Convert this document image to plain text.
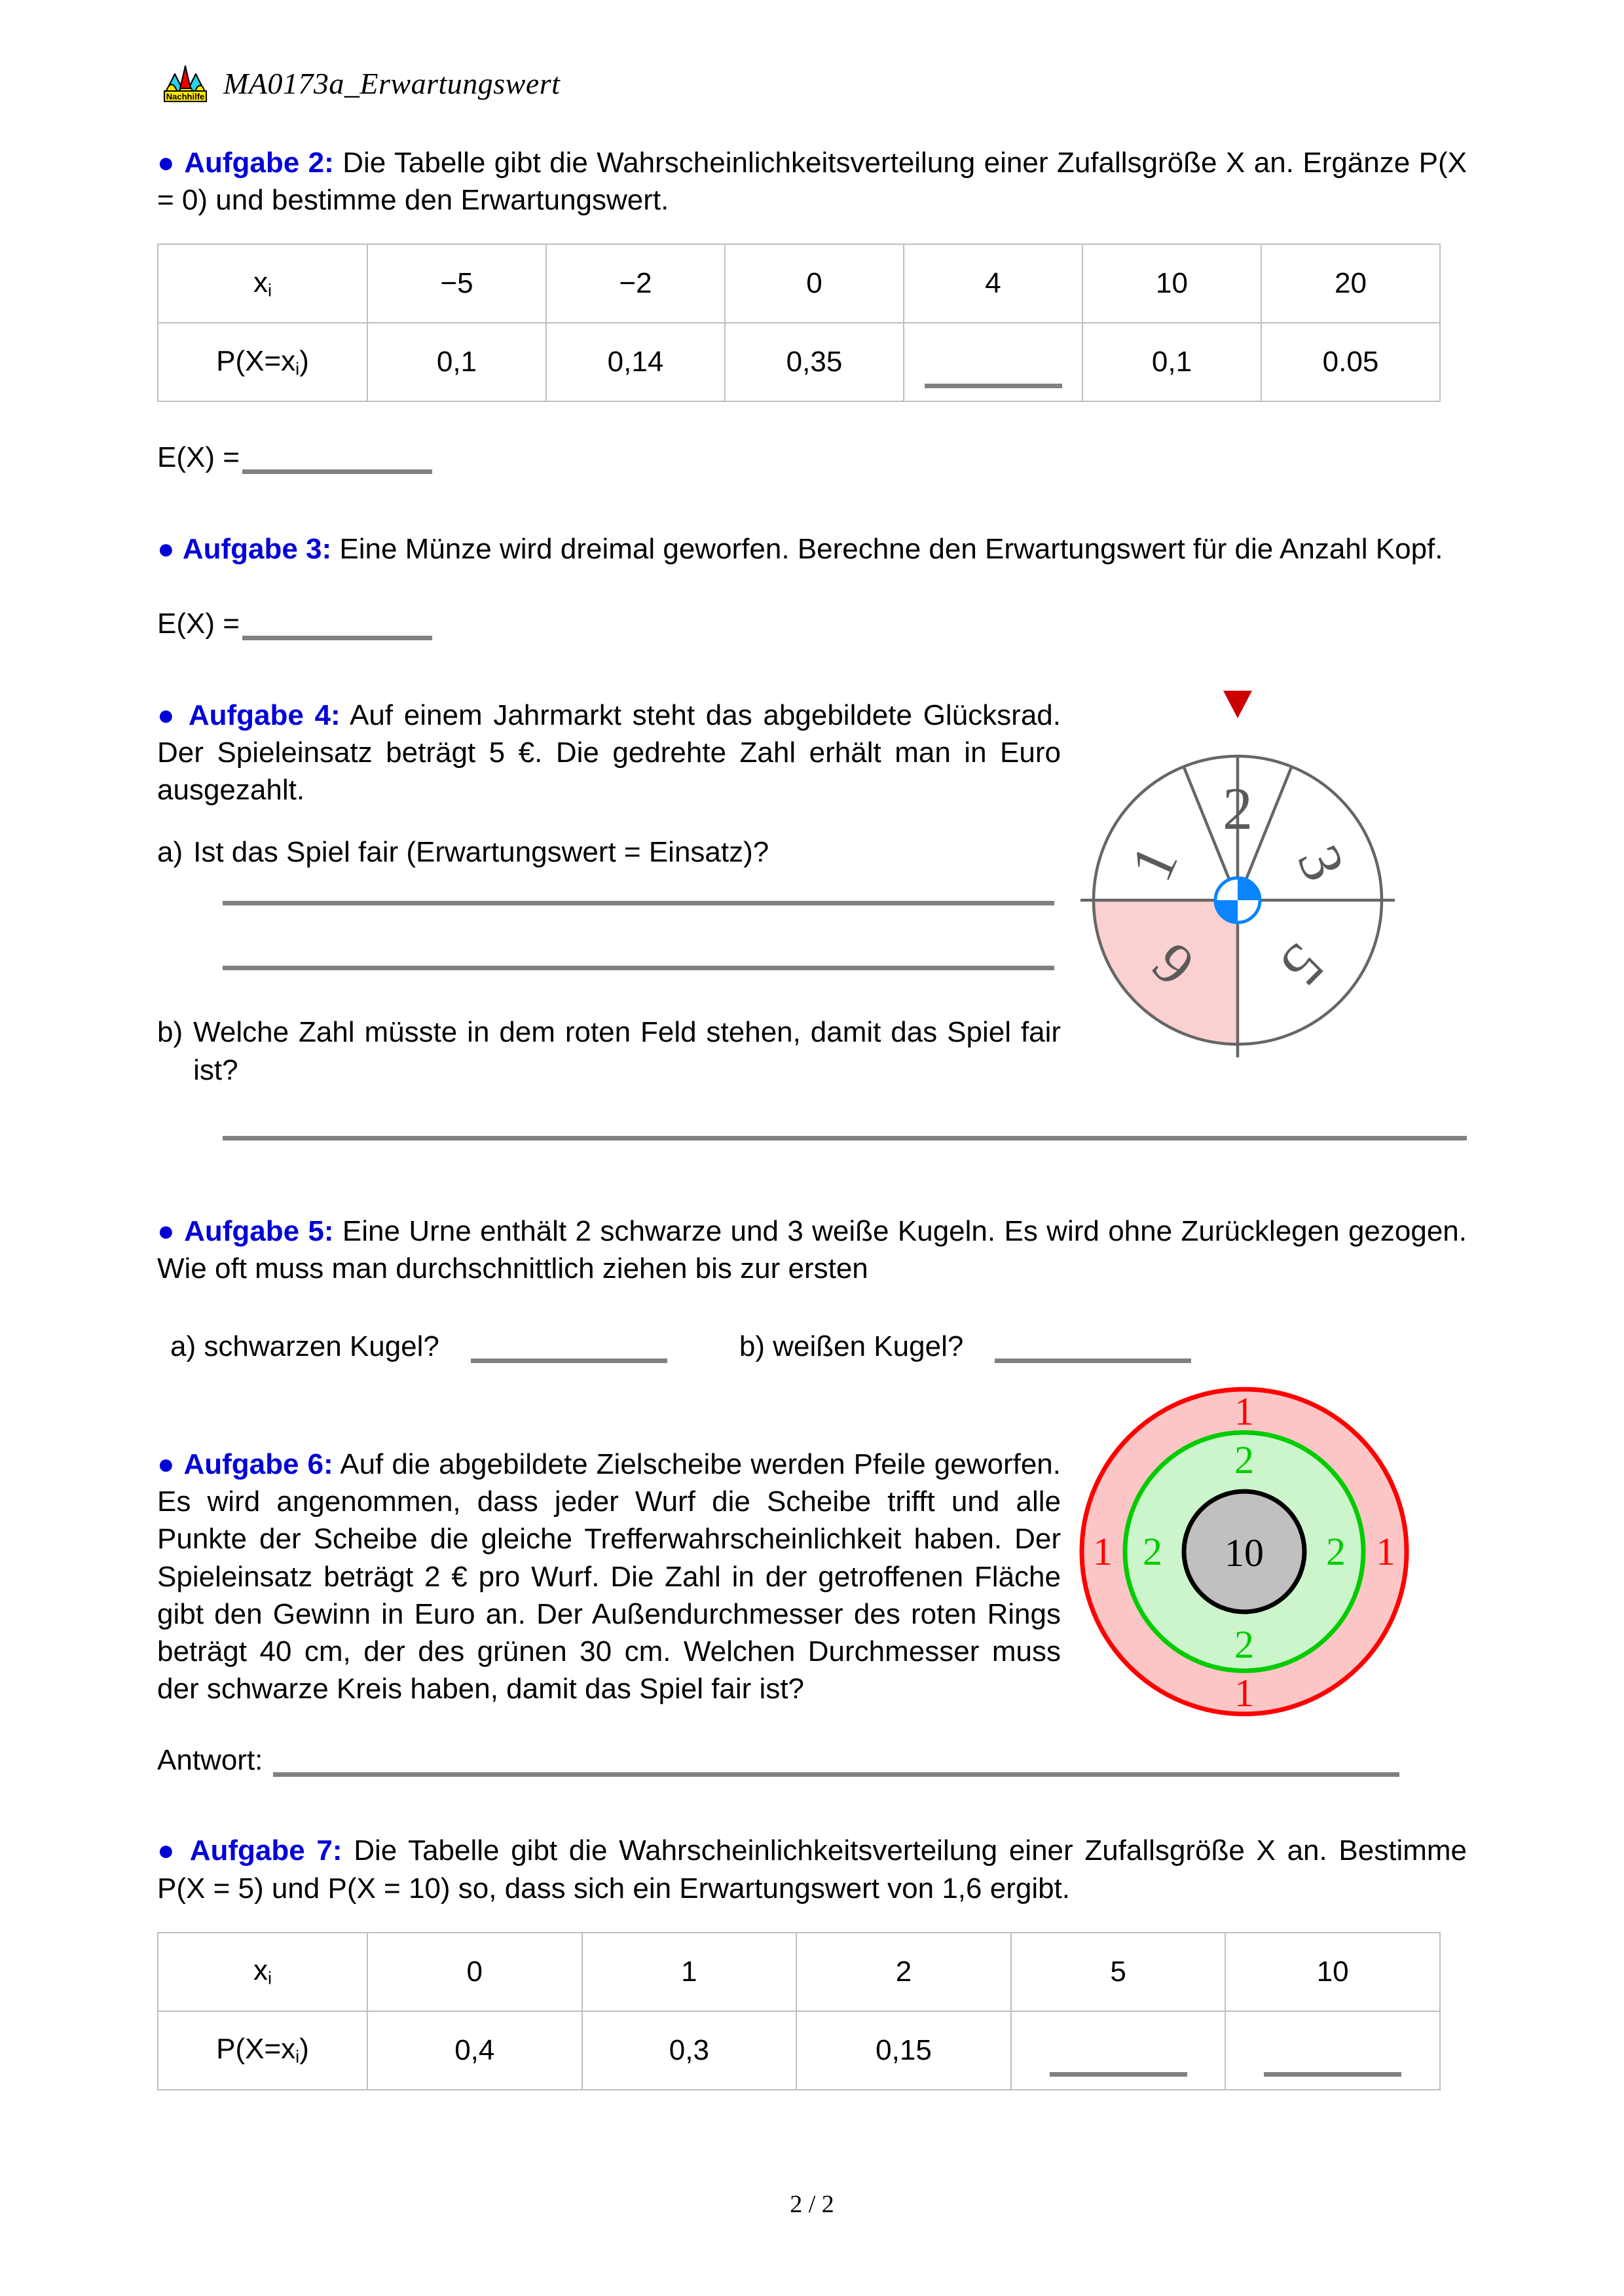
Nachhilfe MA0173a_Erwartungswert

● Aufgabe 2: Die Tabelle gibt die Wahrscheinlichkeitsverteilung einer Zufallsgröße X an. Ergänze P(X = 0) und bestimme den Erwartungswert.

$x_i$	−5	−2	0	4	10	20
$P(X=x_i)$	0,1	0,14	0,35		0,1	0.05
E(X) =

● Aufgabe 3: Eine Münze wird dreimal geworfen. Berechne den Erwartungswert für die Anzahl Kopf.

E(X) =

● Aufgabe 4: Auf einem Jahrmarkt steht das abgebildete Glücksrad. Der Spieleinsatz beträgt 5 €. Die gedrehte Zahl erhält man in Euro ausgezahlt.

a) Ist das Spiel fair (Erwartungswert = Einsatz)?
b) Welche Zahl müsste in dem roten Feld stehen, damit das Spiel fair ist?

● Aufgabe 5: Eine Urne enthält 2 schwarze und 3 weiße Kugeln. Es wird ohne Zurücklegen gezogen. Wie oft muss man durchschnittlich ziehen bis zur ersten

a) schwarzen Kugel?	b) weißen Kugel?

● Aufgabe 6: Auf die abgebildete Zielscheibe werden Pfeile geworfen. Es wird angenommen, dass jeder Wurf die Scheibe trifft und alle Punkte der Scheibe die gleiche Trefferwahrscheinlichkeit haben. Der Spieleinsatz beträgt 2 € pro Wurf. Die Zahl in der getroffenen Fläche gibt den Gewinn in Euro an. Der Außendurchmesser des roten Rings beträgt 40 cm, der des grünen 30 cm. Welchen Durchmesser muss der schwarze Kreis haben, damit das Spiel fair ist?

Antwort:

● Aufgabe 7: Die Tabelle gibt die Wahrscheinlichkeitsverteilung einer Zufallsgröße X an. Bestimme P(X = 5) und P(X = 10) so, dass sich ein Erwartungswert von 1,6 ergibt.

$x_i$	0	1	2	5	10
$P(X=x_i)$	0,4	0,3	0,15		
1
2
3
5
6
1
1
1	1
2
2
2	2
10
2 / 2
